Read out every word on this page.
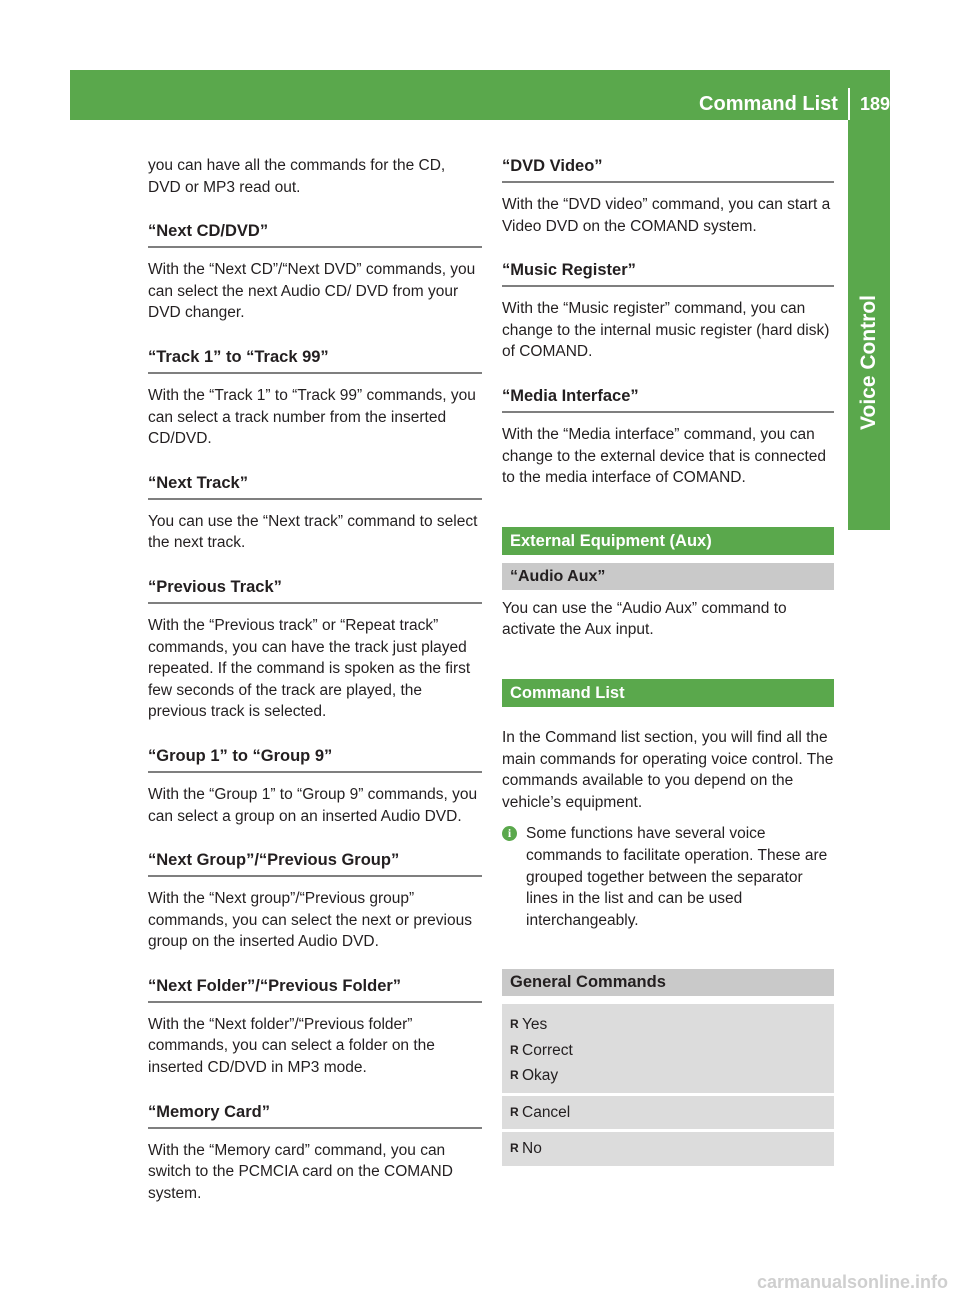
Command List 189
Voice Control

you can have all the commands for the CD, DVD or MP3 read out.

“Next CD/DVD”

With the “Next CD”/“Next DVD” commands, you can select the next Audio CD/ DVD from your DVD changer.

“Track 1” to “Track 99”

With the “Track 1” to “Track 99” commands, you can select a track number from the inserted CD/DVD.

“Next Track”

You can use the “Next track” command to select the next track.

“Previous Track”

With the “Previous track” or “Repeat track” commands, you can have the track just played repeated. If the command is spoken as the first few seconds of the track are played, the previous track is selected.

“Group 1” to “Group 9”

With the “Group 1” to “Group 9” commands, you can select a group on an inserted Audio DVD.

“Next Group”/“Previous Group”

With the “Next group”/“Previous group” commands, you can select the next or previous group on the inserted Audio DVD.

“Next Folder”/“Previous Folder”

With the “Next folder”/“Previous folder” commands, you can select a folder on the inserted CD/DVD in MP3 mode.

“Memory Card”

With the “Memory card” command, you can switch to the PCMCIA card on the COMAND system.

“DVD Video”

With the “DVD video” command, you can start a Video DVD on the COMAND system.

“Music Register”

With the “Music register” command, you can change to the internal music register (hard disk) of COMAND.

“Media Interface”

With the “Media interface” command, you can change to the external device that is connected to the media interface of COMAND.

External Equipment (Aux)
“Audio Aux”

You can use the “Audio Aux” command to activate the Aux input.

Command List

In the Command list section, you will find all the main commands for operating voice control. The commands available to you depend on the vehicle’s equipment.

i Some functions have several voice commands to facilitate operation. These are grouped together between the separator lines in the list and can be used interchangeably.

General Commands
R Yes
R Correct
R Okay
R Cancel
R No
carmanualsonline.info
